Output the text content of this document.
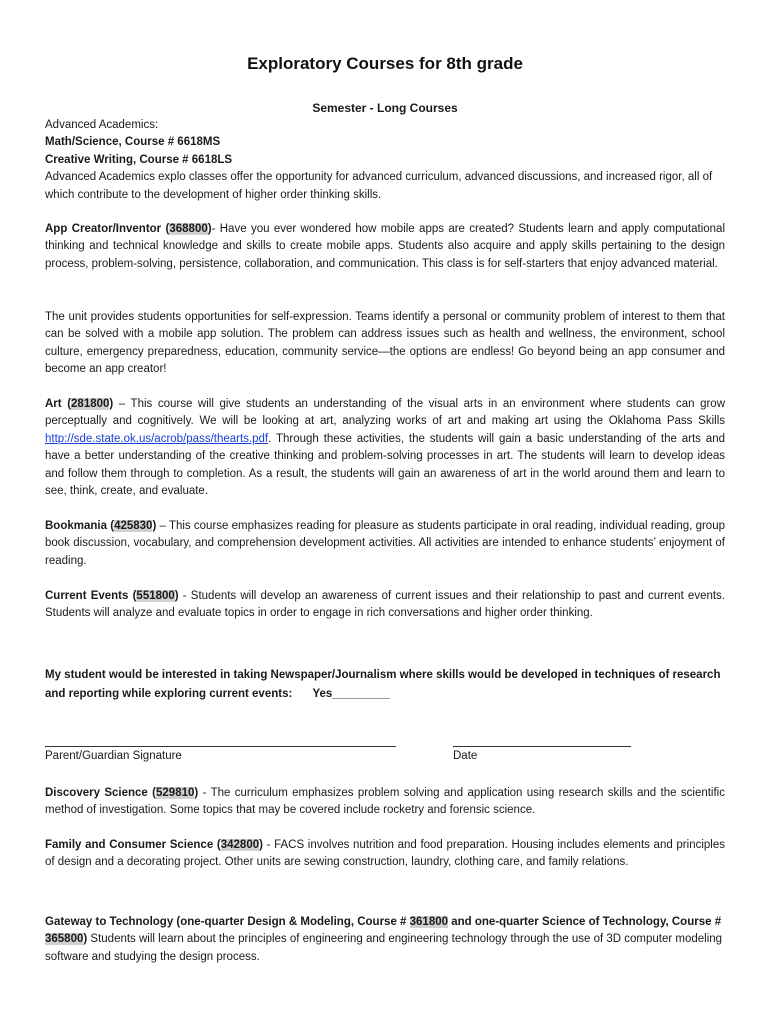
Exploratory Courses for 8th grade
Semester - Long Courses
Advanced Academics:
Math/Science, Course # 6618MS
Creative Writing, Course # 6618LS
Advanced Academics explo classes offer the opportunity for advanced curriculum, advanced discussions, and increased rigor, all of which contribute to the development of higher order thinking skills.
App Creator/Inventor (368800)- Have you ever wondered how mobile apps are created? Students learn and apply computational thinking and technical knowledge and skills to create mobile apps. Students also acquire and apply skills pertaining to the design process, problem-solving, persistence, collaboration, and communication. This class is for self-starters that enjoy advanced material.
The unit provides students opportunities for self-expression. Teams identify a personal or community problem of interest to them that can be solved with a mobile app solution. The problem can address issues such as health and wellness, the environment, school culture, emergency preparedness, education, community service—the options are endless! Go beyond being an app consumer and become an app creator!
Art (281800) – This course will give students an understanding of the visual arts in an environment where students can grow perceptually and cognitively. We will be looking at art, analyzing works of art and making art using the Oklahoma Pass Skills http://sde.state.ok.us/acrob/pass/thearts.pdf. Through these activities, the students will gain a basic understanding of the arts and have a better understanding of the creative thinking and problem-solving processes in art. The students will learn to develop ideas and follow them through to completion. As a result, the students will gain an awareness of art in the world around them and learn to see, think, create, and evaluate.
Bookmania (425830) – This course emphasizes reading for pleasure as students participate in oral reading, individual reading, group book discussion, vocabulary, and comprehension development activities. All activities are intended to enhance students’ enjoyment of reading.
Current Events (551800) - Students will develop an awareness of current issues and their relationship to past and current events. Students will analyze and evaluate topics in order to engage in rich conversations and higher order thinking.
My student would be interested in taking Newspaper/Journalism where skills would be developed in techniques of research and reporting while exploring current events: Yes_________
Parent/Guardian Signature	Date
Discovery Science (529810) - The curriculum emphasizes problem solving and application using research skills and the scientific method of investigation. Some topics that may be covered include rocketry and forensic science.
Family and Consumer Science (342800) - FACS involves nutrition and food preparation. Housing includes elements and principles of design and a decorating project. Other units are sewing construction, laundry, clothing care, and family relations.
Gateway to Technology (one-quarter Design & Modeling, Course # 361800 and one-quarter Science of Technology, Course # 365800) Students will learn about the principles of engineering and engineering technology through the use of 3D computer modeling software and studying the design process.
